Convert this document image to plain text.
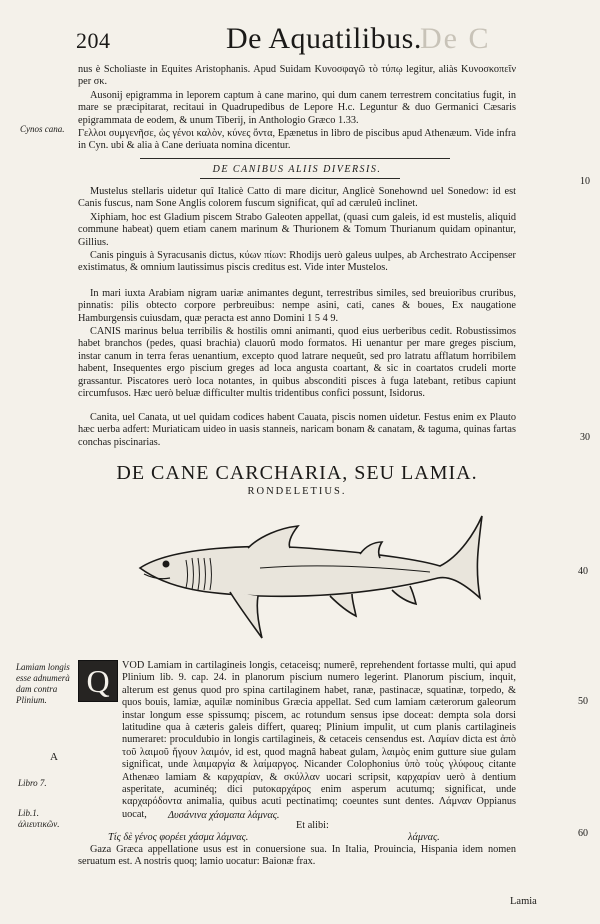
204	De Aquatilibus.
De C

nus è Scholiaste in Equites Aristophanis. Apud Suidam Κυνοσφαγῶ τὸ τύπῳ legitur, aliàs Κυνοσκοπεῖν per σκ.

Ausonij epigramma in leporem captum à cane marino, qui dum canem terrestrem concitatius fugit, in mare se præcipitarat, recitaui in Quadrupedibus de Lepore H.c. Leguntur & duo Germanici Cæsaris epigrammata de eodem, & unum Tiberij, in Anthologio Græco 1.33.

Γελλοι συμγενῆσε, ὡς γένοι καλὸν, κύνες ὄντα, Epænetus in libro de piscibus apud Athenæum. Vide infra in Cyn. ubi & alia à Cane deriuata nomina dicentur.

DE CANIBUS ALIIS DIVERSIS.

Mustelus stellaris uidetur quî Italicè Catto di mare dicitur, Anglicè Sonehownd uel Sonedow: id est Canis fuscus, nam Sone Anglis colorem fuscum significat, quî ad cæruleû inclinet.

Xiphiam, hoc est Gladium piscem Strabo Galeoten appellat, (quasi cum galeis, id est mustelis, aliquid commune habeat) quem etiam canem marinum & Thurionem & Tomum Thurianum quidam opinantur, Gillius.

Canis pinguis à Syracusanis dictus, κύων πίων: Rhodijs uerò galeus uulpes, ab Archestrato Accipenser existimatus, & omnium lautissimus piscis creditus est. Vide inter Mustelos.

In mari iuxta Arabiam nigram uariæ animantes degunt, terrestribus similes, sed breuioribus cruribus, pinnatis: pilis obtecto corpore perbreuibus: nempe asini, cati, canes & boues, Ex naugatione Hamburgensis cuiusdam, quæ peracta est anno Domini 1 5 4 9.

CANIS marinus belua terribilis & hostilis omni animanti, quod eius uerberibus cedit. Robustissimos habet branchos (pedes, quasi brachia) clauorû modo formatos. Hi uenantur per mare greges piscium, instar canum in terra feras uenantium, excepto quod latrare nequeût, sed pro latratu afflatum horribilem habent, Insequentes ergo piscium greges ad loca angusta coartant, & sic in coartatos crudeli morte grassantur. Piscatores uerò loca notantes, in quibus absconditi pisces à fuga latebant, retibus capiunt circumfusos. Hæc uerò beluæ difficulter multis tridentibus confici possunt, Isidorus.

Canita, uel Canata, ut uel quidam codices habent Cauata, piscis nomen uidetur. Festus enim ex Plauto hæc uerba adfert: Muriaticam uideo in uasis stanneis, naricam bonam & canatam, & taguma, quinas fartas conchas piscinarias.

DE CANE CARCHARIA, SEU LAMIA.
RONDELETIUS.
Q	VOD Lamiam in cartilagineis longis, cetaceisq; numerê, reprehendent fortasse multi, qui apud Plinium lib. 9. cap. 24. in planorum piscium numero legerint. Planorum piscium, inquit, alterum est genus quod pro spina cartilaginem habet, ranæ, pastinacæ, squatinæ, torpedo, & quos bouis, lamiæ, aquilæ nominibus Græcia appellat. Sed cum lamiam cæterorum galeorum instar longum esse spissumq; piscem, ac rotundum sensus ipse doceat: dempta sola dorsi latitudine qua à cæteris galeis differt, quareq; Plinium impulit, ut cum planis cartilagineis numeraret: proculdubio in longis cartilagineis, & cetaceis censendus est. Λαμίαν dicta est ἀπὸ τοῦ λαιμοῦ ἥγουν λαιμόν, id est, quod magnâ habeat gulam, λαιμὸς enim gutture siue gulam significat, unde λαιμαργία & λαίμαργος. Nicander Colophonius ὑπὸ τοὺς γλύφους citante Athenæo lamiam & καρχαρίαν, & σκύλλαν uocari scripsit, καρχαρίαν uerò à dentium asperitate, acuminéq; dici putoκαρχάρος enim asperum acutumq; significat, unde καρχαρόδοντα animalia, quibus acuti pectinatimq; coeuntes sunt dentes. Λάμναν Oppianus uocat,	Δυσάνινα χάσμαπα λάμνας.
Et alibi:
Τίς δὲ γένος φορέει χάσμα λάμνας.	λάμνας.

Gaza Græca appellatione usus est in conuersione sua. In Italia, Prouincia, Hispania idem nomen seruatum est. A nostris quoq; lamio uocatur: Baionæ frax.

Lamia
Cynos cana.
Lamiam longis esse adnumerà dam contra Plinium.
A
Libro 7.
Lib.1. ἁλιευτικῶν.
10
30
40
50
60
